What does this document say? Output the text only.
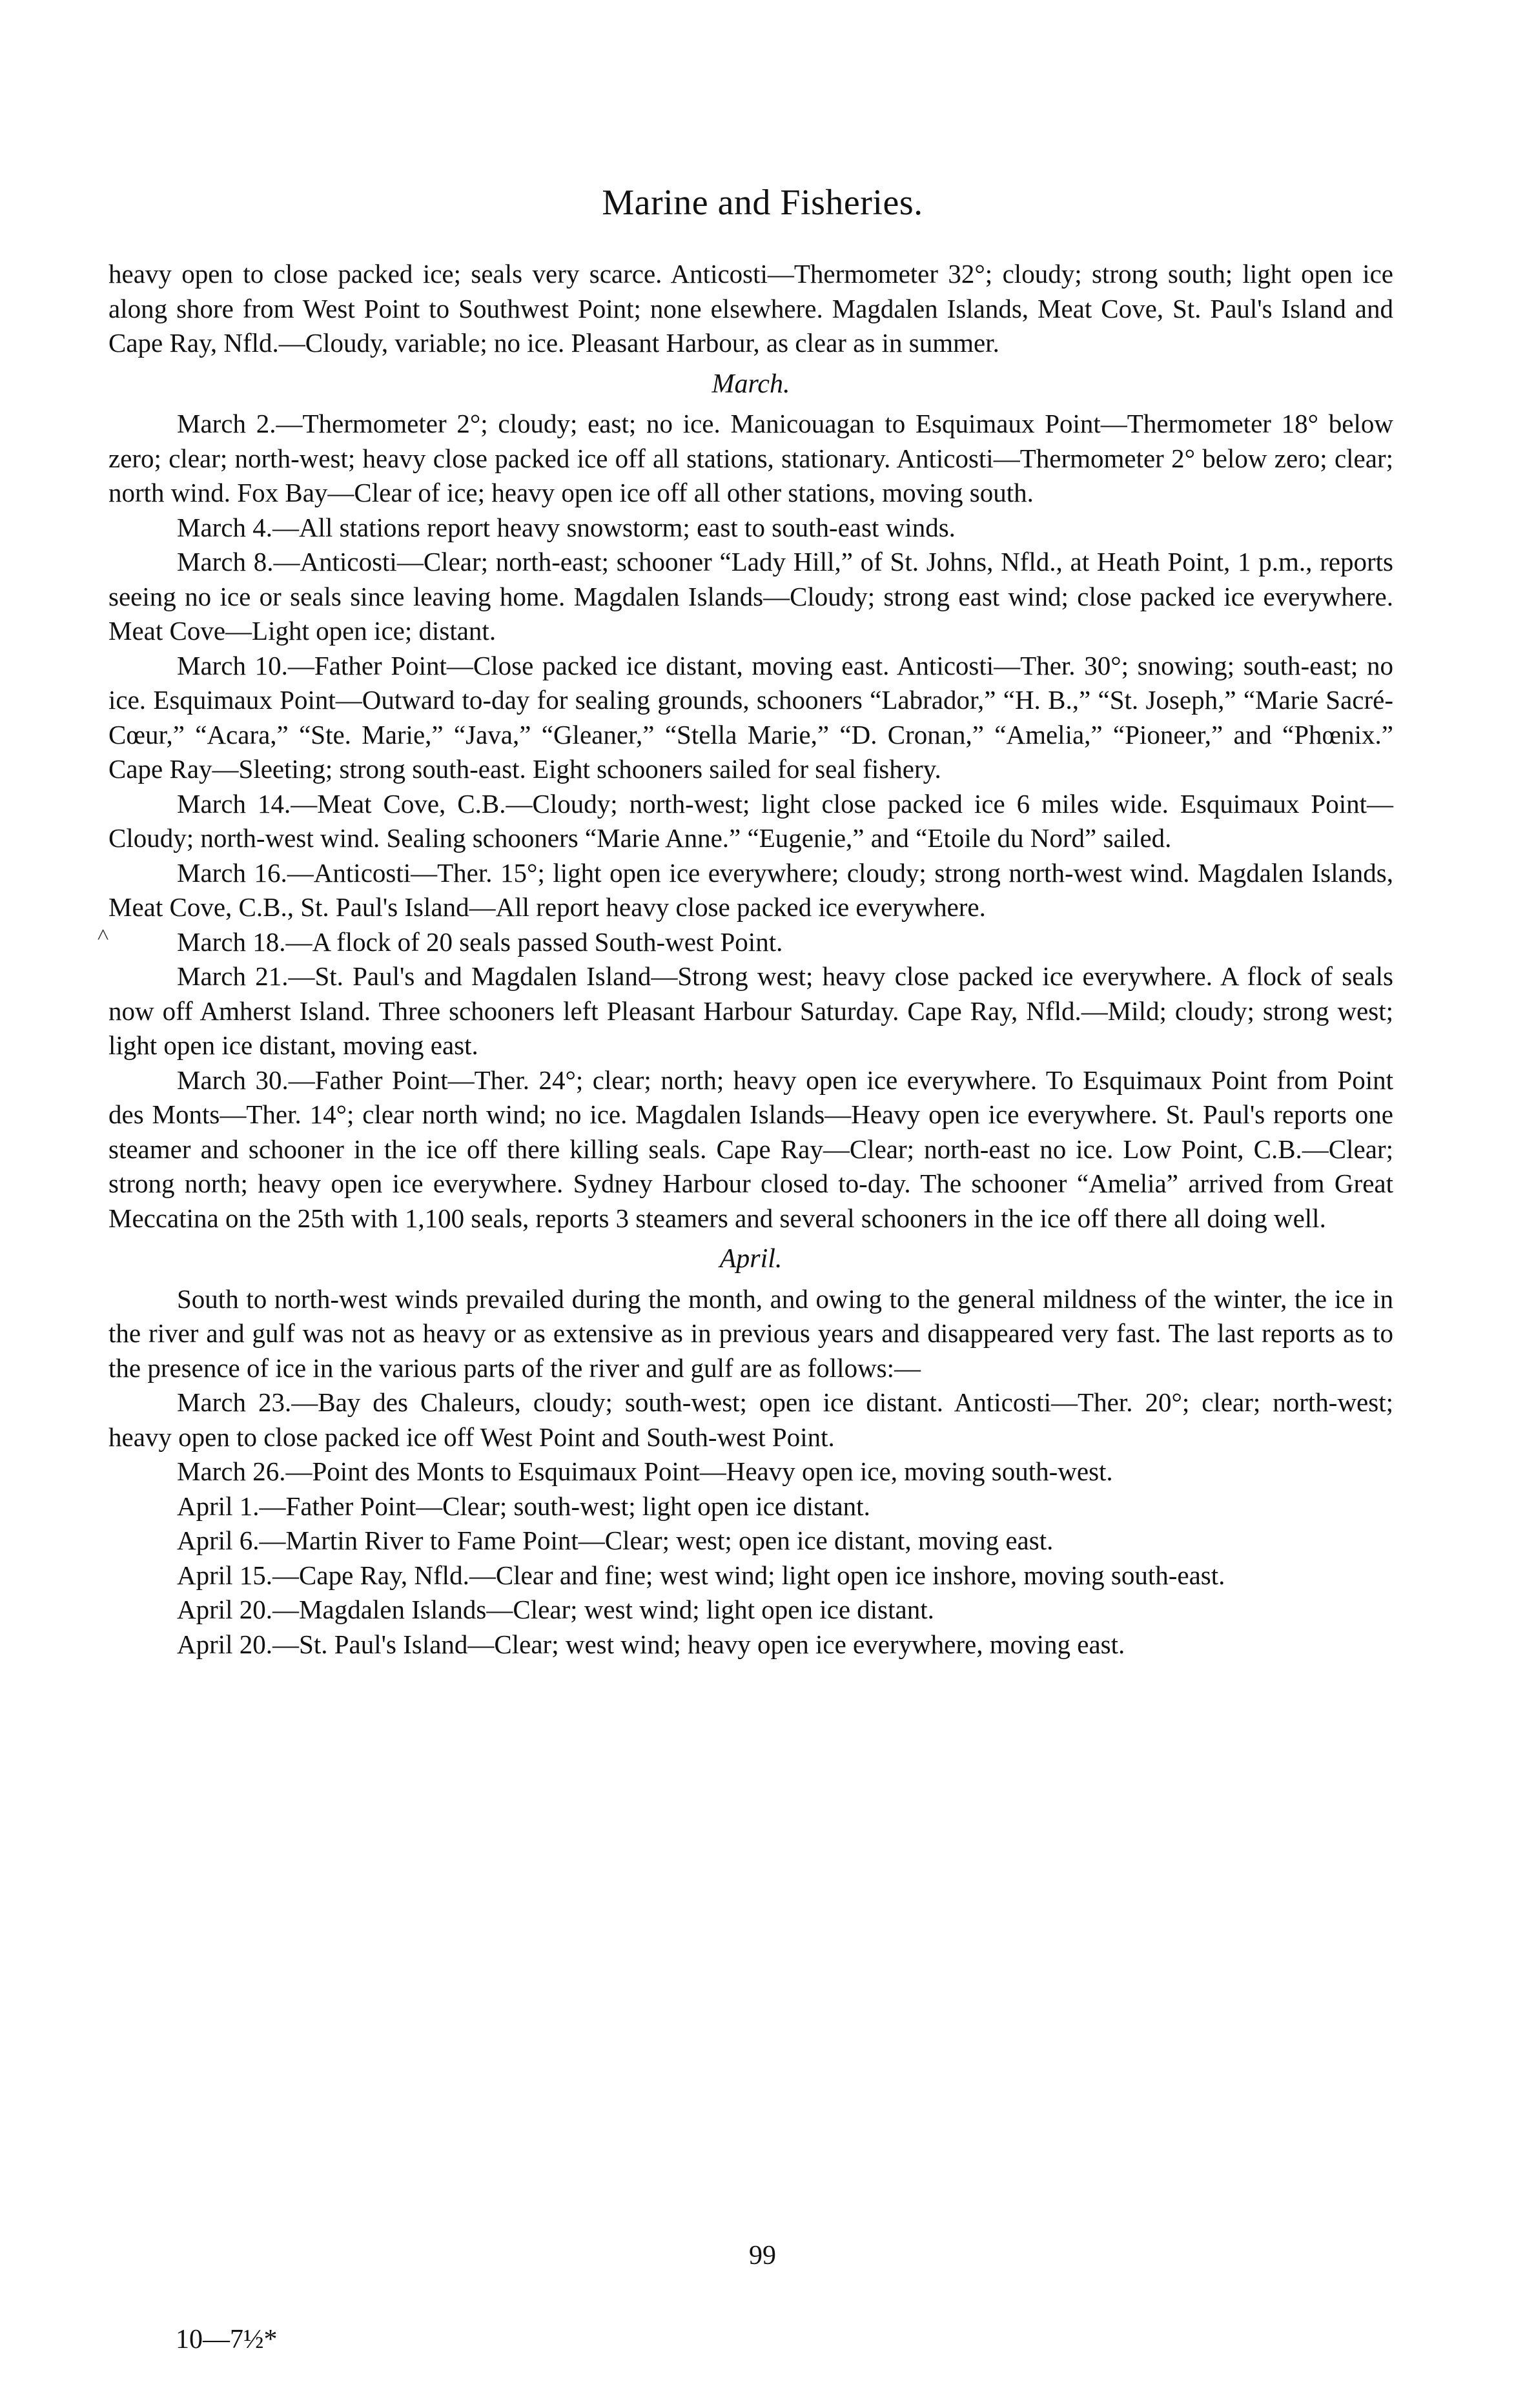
Marine and Fisheries.

heavy open to close packed ice; seals very scarce. Anticosti—Thermometer 32°; cloudy; strong south; light open ice along shore from West Point to Southwest Point; none elsewhere. Magdalen Islands, Meat Cove, St. Paul's Island and Cape Ray, Nfld.—Cloudy, variable; no ice. Pleasant Harbour, as clear as in summer.

March.

March 2.—Thermometer 2°; cloudy; east; no ice. Manicouagan to Esquimaux Point—Thermometer 18° below zero; clear; north-west; heavy close packed ice off all stations, stationary. Anticosti—Thermometer 2° below zero; clear; north wind. Fox Bay—Clear of ice; heavy open ice off all other stations, moving south.

March 4.—All stations report heavy snowstorm; east to south-east winds.

March 8.—Anticosti—Clear; north-east; schooner “Lady Hill,” of St. Johns, Nfld., at Heath Point, 1 p.m., reports seeing no ice or seals since leaving home. Magdalen Islands—Cloudy; strong east wind; close packed ice everywhere. Meat Cove—Light open ice; distant.

March 10.—Father Point—Close packed ice distant, moving east. Anticosti—Ther. 30°; snowing; south-east; no ice. Esquimaux Point—Outward to-day for sealing grounds, schooners “Labrador,” “H. B.,” “St. Joseph,” “Marie Sacré-Cœur,” “Acara,” “Ste. Marie,” “Java,” “Gleaner,” “Stella Marie,” “D. Cronan,” “Amelia,” “Pioneer,” and “Phœnix.” Cape Ray—Sleeting; strong south-east. Eight schooners sailed for seal fishery.

March 14.—Meat Cove, C.B.—Cloudy; north-west; light close packed ice 6 miles wide. Esquimaux Point—Cloudy; north-west wind. Sealing schooners “Marie Anne.” “Eugenie,” and “Etoile du Nord” sailed.

March 16.—Anticosti—Ther. 15°; light open ice everywhere; cloudy; strong north-west wind. Magdalen Islands, Meat Cove, C.B., St. Paul's Island—All report heavy close packed ice everywhere.

March 18.—A flock of 20 seals passed South-west Point.

March 21.—St. Paul's and Magdalen Island—Strong west; heavy close packed ice everywhere. A flock of seals now off Amherst Island. Three schooners left Pleasant Harbour Saturday. Cape Ray, Nfld.—Mild; cloudy; strong west; light open ice distant, moving east.

March 30.—Father Point—Ther. 24°; clear; north; heavy open ice everywhere. To Esquimaux Point from Point des Monts—Ther. 14°; clear north wind; no ice. Magdalen Islands—Heavy open ice everywhere. St. Paul's reports one steamer and schooner in the ice off there killing seals. Cape Ray—Clear; north-east no ice. Low Point, C.B.—Clear; strong north; heavy open ice everywhere. Sydney Harbour closed to-day. The schooner “Amelia” arrived from Great Meccatina on the 25th with 1,100 seals, reports 3 steamers and several schooners in the ice off there all doing well.

April.

South to north-west winds prevailed during the month, and owing to the general mildness of the winter, the ice in the river and gulf was not as heavy or as extensive as in previous years and disappeared very fast. The last reports as to the presence of ice in the various parts of the river and gulf are as follows:—

March 23.—Bay des Chaleurs, cloudy; south-west; open ice distant. Anticosti—Ther. 20°; clear; north-west; heavy open to close packed ice off West Point and South-west Point.

March 26.—Point des Monts to Esquimaux Point—Heavy open ice, moving south-west.

April 1.—Father Point—Clear; south-west; light open ice distant.

April 6.—Martin River to Fame Point—Clear; west; open ice distant, moving east.

April 15.—Cape Ray, Nfld.—Clear and fine; west wind; light open ice inshore, moving south-east.

April 20.—Magdalen Islands—Clear; west wind; light open ice distant.

April 20.—St. Paul's Island—Clear; west wind; heavy open ice everywhere, moving east.

˄
99
10—7½*
